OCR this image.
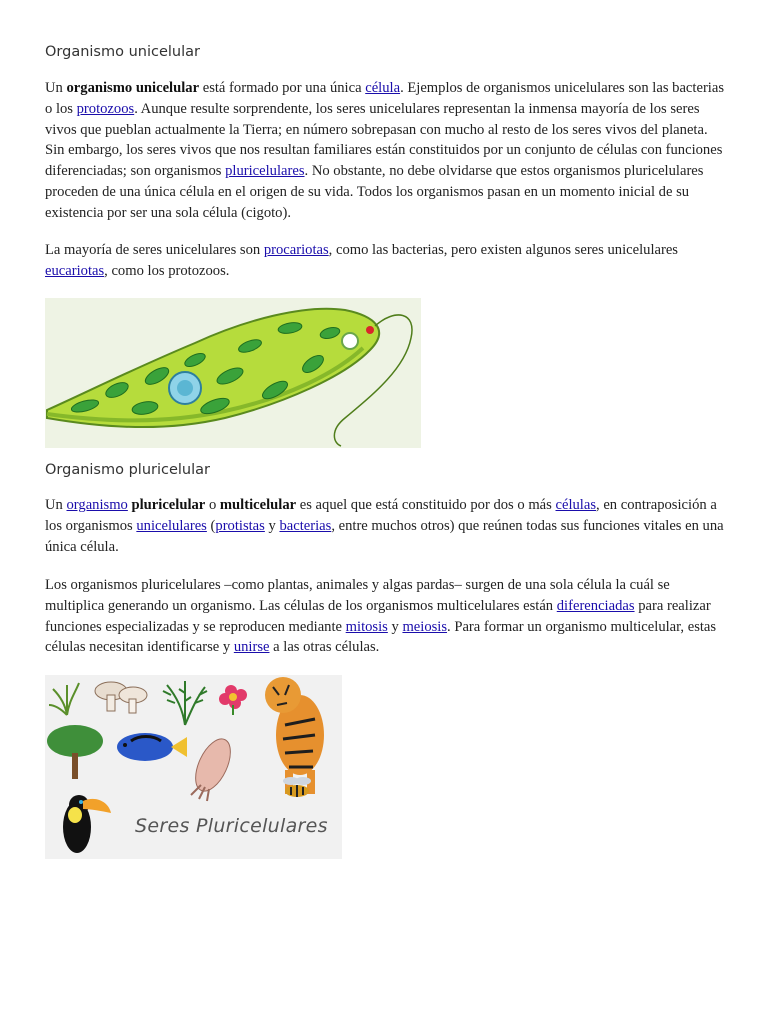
Organismo unicelular

Un organismo unicelular está formado por una única célula. Ejemplos de organismos unicelulares son las bacterias o los protozoos. Aunque resulte sorprendente, los seres unicelulares representan la inmensa mayoría de los seres vivos que pueblan actualmente la Tierra; en número sobrepasan con mucho al resto de los seres vivos del planeta. Sin embargo, los seres vivos que nos resultan familiares están constituidos por un conjunto de células con funciones diferenciadas; son organismos pluricelulares. No obstante, no debe olvidarse que estos organismos pluricelulares proceden de una única célula en el origen de su vida. Todos los organismos pasan en un momento inicial de su existencia por ser una sola célula (cigoto).

La mayoría de seres unicelulares son procariotas, como las bacterias, pero existen algunos seres unicelulares eucariotas, como los protozoos.

Organismo pluricelular

Un organismo pluricelular o multicelular es aquel que está constituido por dos o más células, en contraposición a los organismos unicelulares (protistas y bacterias, entre muchos otros) que reúnen todas sus funciones vitales en una única célula.

Los organismos pluricelulares –como plantas, animales y algas pardas– surgen de una sola célula la cuál se multiplica generando un organismo. Las células de los organismos multicelulares están diferenciadas para realizar funciones especializadas y se reproducen mediante mitosis y meiosis. Para formar un organismo multicelular, estas células necesitan identificarse y unirse a las otras células.

Seres Pluricelulares
